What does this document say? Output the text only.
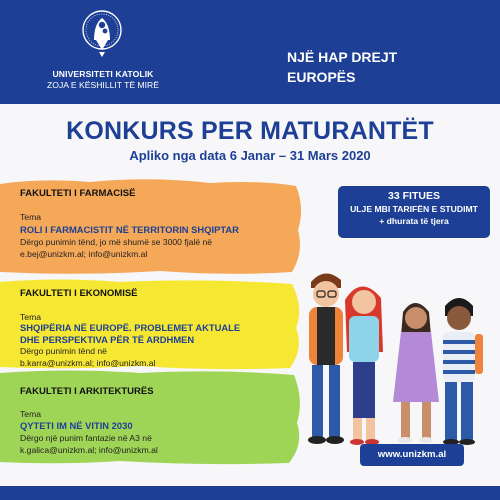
UNIVERSITETI KATOLIK
ZOJA E KËSHILLIT TË MIRË
NJË HAP DREJT
EUROPËS
KONKURS PER MATURANTËT
Apliko nga data 6 Janar – 31 Mars 2020
FAKULTETI I FARMACISË
Tema
ROLI I FARMACISTIT NË TERRITORIN SHQIPTAR
Dërgo punimin tënd, jo më shumë se 3000 fjalë në
e.bej@unizkm.al; info@unizkm.al
FAKULTETI I EKONOMISË
Tema
SHQIPËRIA NË EUROPË. PROBLEMET AKTUALE
DHE PERSPEKTIVA PËR TË ARDHMEN
Dërgo punimin tënd në
b.karra@unizkm.al; info@unizkm.al
FAKULTETI I ARKITEKTURËS
Tema
QYTETI IM NË VITIN 2030
Dërgo një punim fantazie në A3 në
k.galica@unizkm.al; info@unizkm.al
33 FITUES
ULJE MBI TARIFËN E STUDIMT
+ dhurata të tjera
www.unizkm.al
